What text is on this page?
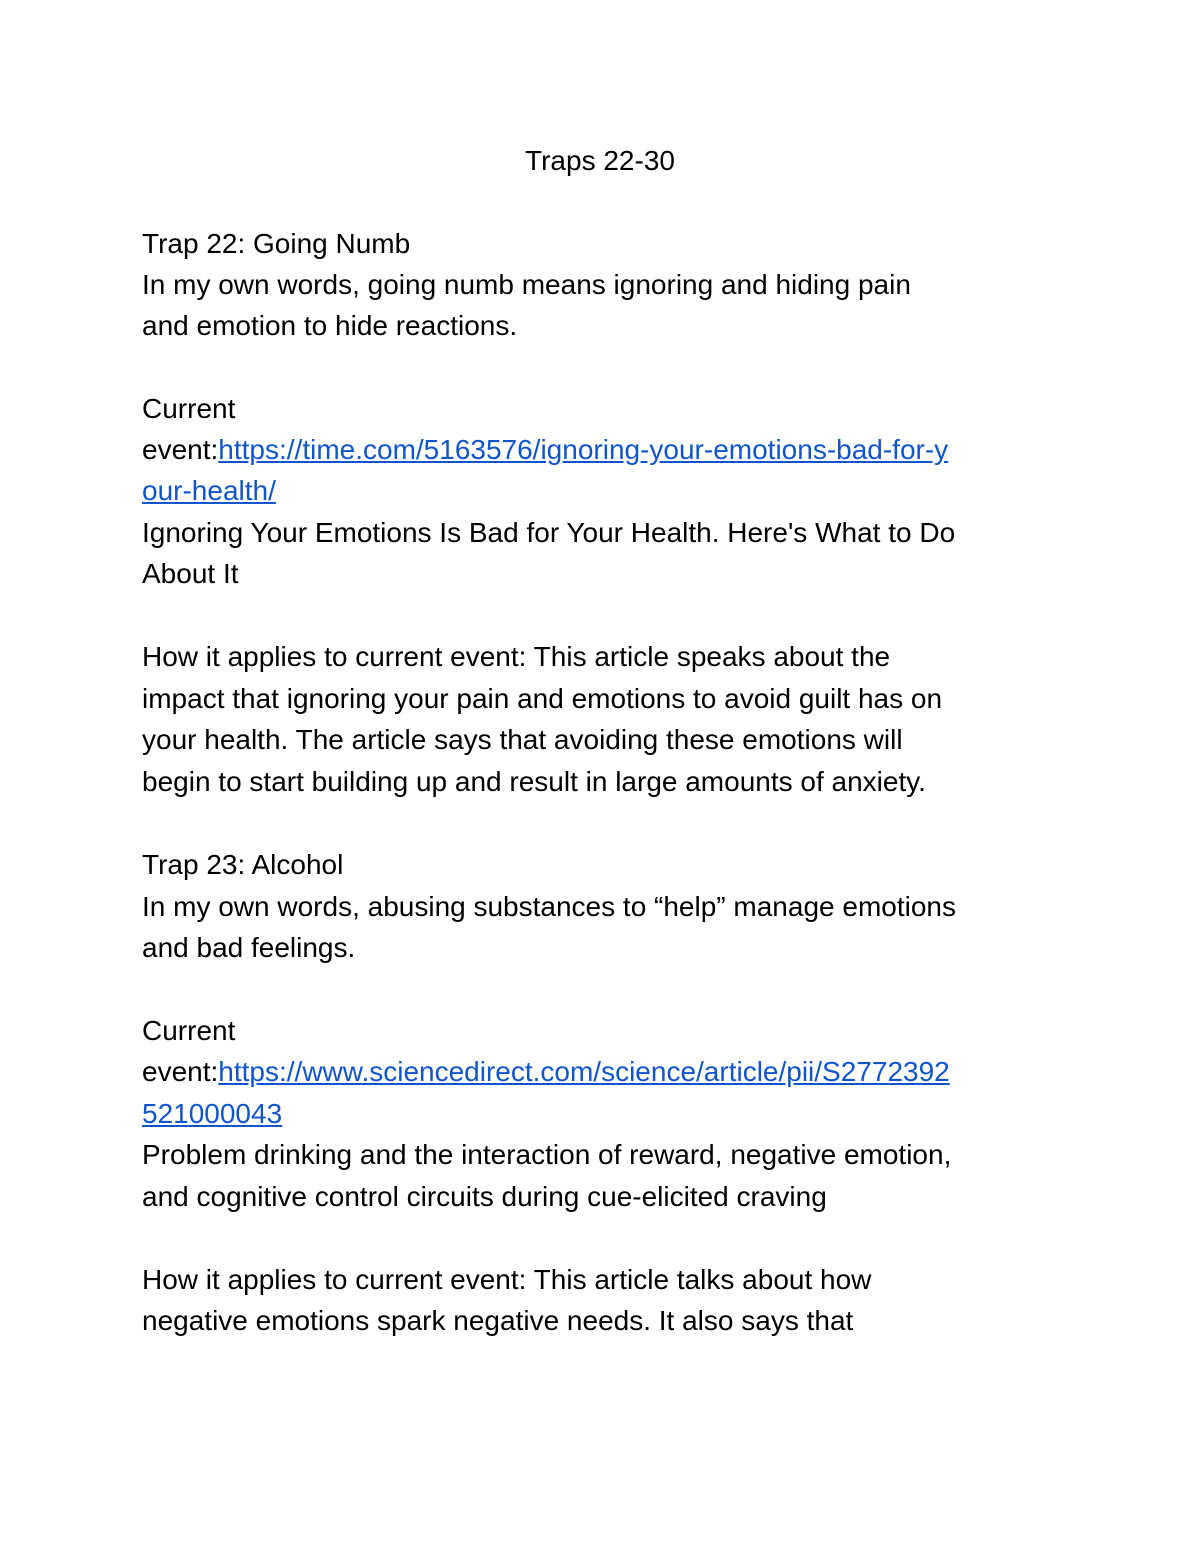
Traps 22-30

Trap 22: Going Numb

In my own words, going numb means ignoring and hiding pain

and emotion to hide reactions.

Current

event:https://time.com/5163576/ignoring-your-emotions-bad-for-y

our-health/

Ignoring Your Emotions Is Bad for Your Health. Here's What to Do

About It

How it applies to current event: This article speaks about the

impact that ignoring your pain and emotions to avoid guilt has on

your health. The article says that avoiding these emotions will

begin to start building up and result in large amounts of anxiety.

Trap 23: Alcohol

In my own words, abusing substances to “help” manage emotions

and bad feelings.

Current

event:https://www.sciencedirect.com/science/article/pii/S2772392

521000043

Problem drinking and the interaction of reward, negative emotion,

and cognitive control circuits during cue-elicited craving

How it applies to current event: This article talks about how

negative emotions spark negative needs. It also says that
